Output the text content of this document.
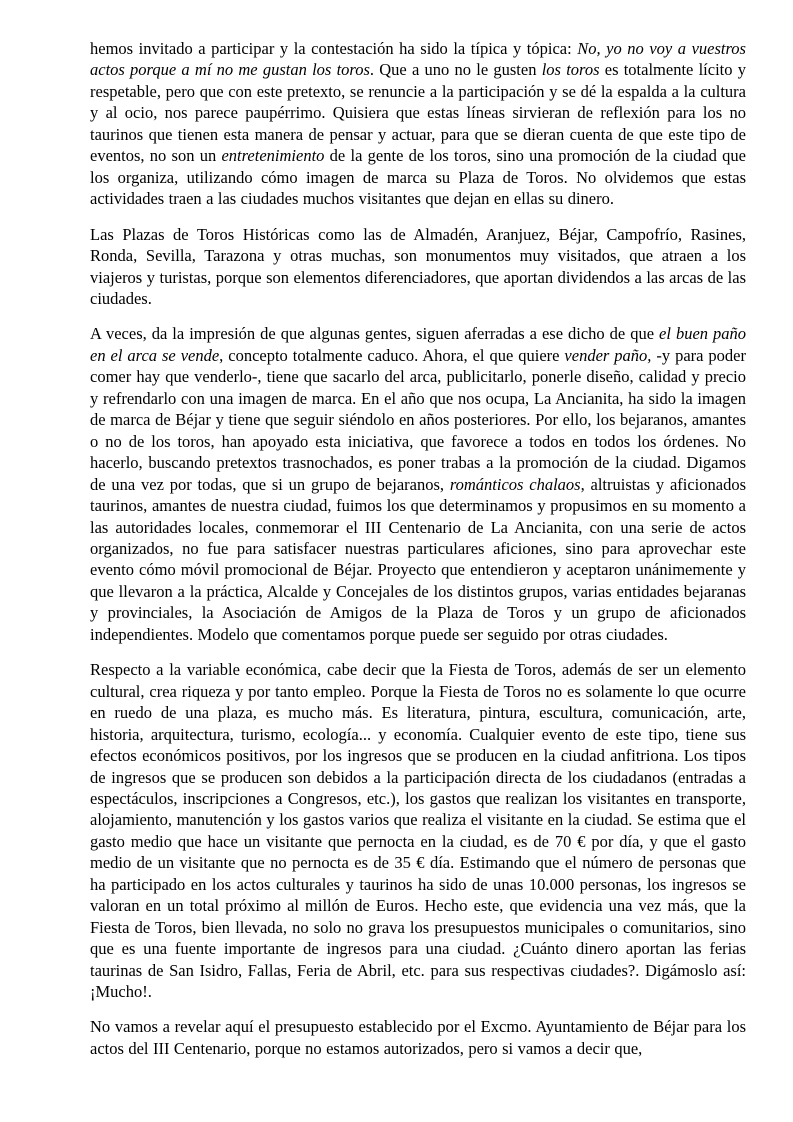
hemos invitado a participar y la contestación ha sido la típica y tópica: No, yo no voy a vuestros actos porque a mí no me gustan los toros. Que a uno no le gusten los toros es totalmente lícito y respetable, pero que con este pretexto, se renuncie a la participación y se dé la espalda a la cultura y al ocio, nos parece paupérrimo. Quisiera que estas líneas sirvieran de reflexión para los no taurinos que tienen esta manera de pensar y actuar, para que se dieran cuenta de que este tipo de eventos, no son un entretenimiento de la gente de los toros, sino una promoción de la ciudad que los organiza, utilizando cómo imagen de marca su Plaza de Toros. No olvidemos que estas actividades traen a las ciudades muchos visitantes que dejan en ellas su dinero.

Las Plazas de Toros Históricas como las de Almadén, Aranjuez, Béjar, Campofrío, Rasines, Ronda, Sevilla, Tarazona y otras muchas, son monumentos muy visitados, que atraen a los viajeros y turistas, porque son elementos diferenciadores, que aportan dividendos a las arcas de las ciudades.

A veces, da la impresión de que algunas gentes, siguen aferradas a ese dicho de que el buen paño en el arca se vende, concepto totalmente caduco. Ahora, el que quiere vender paño, -y para poder comer hay que venderlo-, tiene que sacarlo del arca, publicitarlo, ponerle diseño, calidad y precio y refrendarlo con una imagen de marca. En el año que nos ocupa, La Ancianita, ha sido la imagen de marca de Béjar y tiene que seguir siéndolo en años posteriores. Por ello, los bejaranos, amantes o no de los toros, han apoyado esta iniciativa, que favorece a todos en todos los órdenes. No hacerlo, buscando pretextos trasnochados, es poner trabas a la promoción de la ciudad. Digamos de una vez por todas, que si un grupo de bejaranos, románticos chalaos, altruistas y aficionados taurinos, amantes de nuestra ciudad, fuimos los que determinamos y propusimos en su momento a las autoridades locales, conmemorar el III Centenario de La Ancianita, con una serie de actos organizados, no fue para satisfacer nuestras particulares aficiones, sino para aprovechar este evento cómo móvil promocional de Béjar. Proyecto que entendieron y aceptaron unánimemente y que llevaron a la práctica, Alcalde y Concejales de los distintos grupos, varias entidades bejaranas y provinciales, la Asociación de Amigos de la Plaza de Toros y un grupo de aficionados independientes. Modelo que comentamos porque puede ser seguido por otras ciudades.

Respecto a la variable económica, cabe decir que la Fiesta de Toros, además de ser un elemento cultural, crea riqueza y por tanto empleo. Porque la Fiesta de Toros no es solamente lo que ocurre en ruedo de una plaza, es mucho más. Es literatura, pintura, escultura, comunicación, arte, historia, arquitectura, turismo, ecología... y economía. Cualquier evento de este tipo, tiene sus efectos económicos positivos, por los ingresos que se producen en la ciudad anfitriona. Los tipos de ingresos que se producen son debidos a la participación directa de los ciudadanos (entradas a espectáculos, inscripciones a Congresos, etc.), los gastos que realizan los visitantes en transporte, alojamiento, manutención y los gastos varios que realiza el visitante en la ciudad. Se estima que el gasto medio que hace un visitante que pernocta en la ciudad, es de 70 € por día, y que el gasto medio de un visitante que no pernocta es de 35 € día. Estimando que el número de personas que ha participado en los actos culturales y taurinos ha sido de unas 10.000 personas, los ingresos se valoran en un total próximo al millón de Euros. Hecho este, que evidencia una vez más, que la Fiesta de Toros, bien llevada, no solo no grava los presupuestos municipales o comunitarios, sino que es una fuente importante de ingresos para una ciudad. ¿Cuánto dinero aportan las ferias taurinas de San Isidro, Fallas, Feria de Abril, etc. para sus respectivas ciudades?. Digámoslo así: ¡Mucho!.

No vamos a revelar aquí el presupuesto establecido por el Excmo. Ayuntamiento de Béjar para los actos del III Centenario, porque no estamos autorizados, pero si vamos a decir que,
